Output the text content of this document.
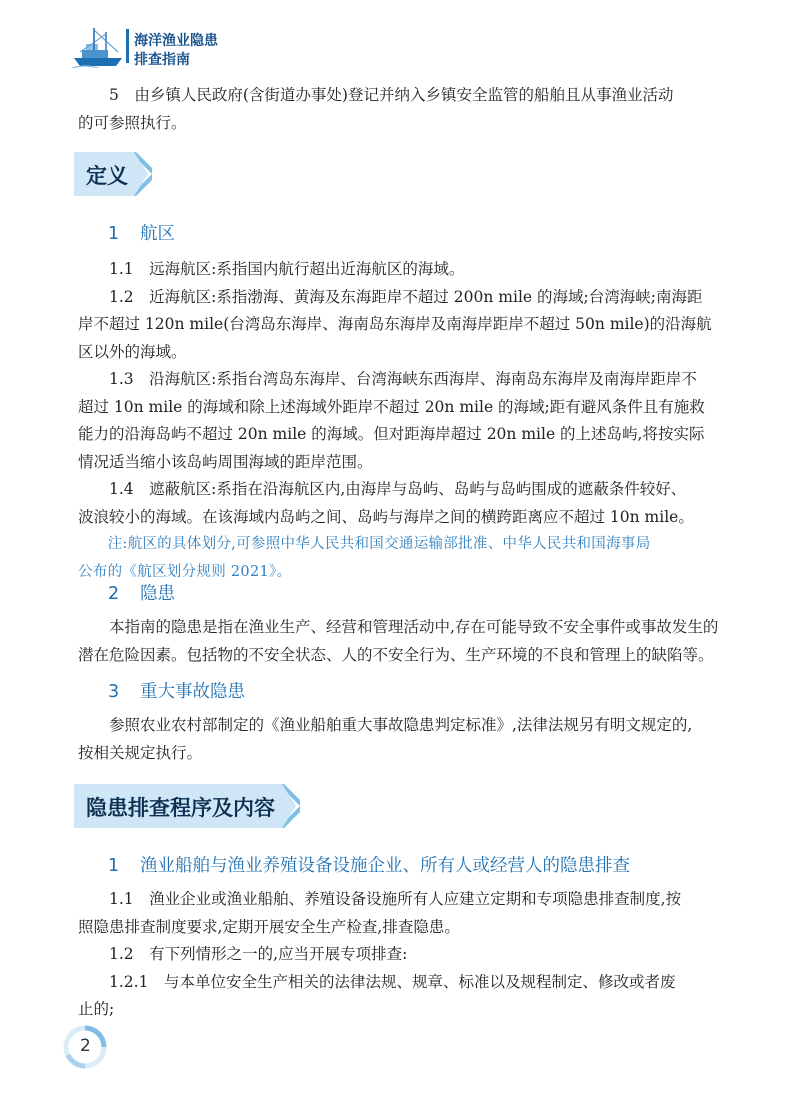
海洋渔业隐患
排查指南
　　5　由乡镇人民政府(含街道办事处)登记并纳入乡镇安全监管的船舶且从事渔业活动
的可参照执行。
定义
1 航区
　　1.1　远海航区:系指国内航行超出近海航区的海域。
　　1.2　近海航区:系指渤海、黄海及东海距岸不超过 200n mile 的海域;台湾海峡;南海距
岸不超过 120n mile(台湾岛东海岸、海南岛东海岸及南海岸距岸不超过 50n mile)的沿海航
区以外的海域。
　　1.3　沿海航区:系指台湾岛东海岸、台湾海峡东西海岸、海南岛东海岸及南海岸距岸不
超过 10n mile 的海域和除上述海域外距岸不超过 20n mile 的海域;距有避风条件且有施救
能力的沿海岛屿不超过 20n mile 的海域。但对距海岸超过 20n mile 的上述岛屿,将按实际
情况适当缩小该岛屿周围海域的距岸范围。
　　1.4　遮蔽航区:系指在沿海航区内,由海岸与岛屿、岛屿与岛屿围成的遮蔽条件较好、
波浪较小的海域。在该海域内岛屿之间、岛屿与海岸之间的横跨距离应不超过 10n mile。
　　注:航区的具体划分,可参照中华人民共和国交通运输部批准、中华人民共和国海事局
公布的《航区划分规则 2021》。
2 隐患
　　本指南的隐患是指在渔业生产、经营和管理活动中,存在可能导致不安全事件或事故发生的
潜在危险因素。包括物的不安全状态、人的不安全行为、生产环境的不良和管理上的缺陷等。
3 重大事故隐患
　　参照农业农村部制定的《渔业船舶重大事故隐患判定标准》,法律法规另有明文规定的,
按相关规定执行。
隐患排查程序及内容
1 渔业船舶与渔业养殖设备设施企业、所有人或经营人的隐患排查
　　1.1　渔业企业或渔业船舶、养殖设备设施所有人应建立定期和专项隐患排查制度,按
照隐患排查制度要求,定期开展安全生产检查,排查隐患。
　　1.2　有下列情形之一的,应当开展专项排查:
　　1.2.1　与本单位安全生产相关的法律法规、规章、标准以及规程制定、修改或者废
止的;
2
